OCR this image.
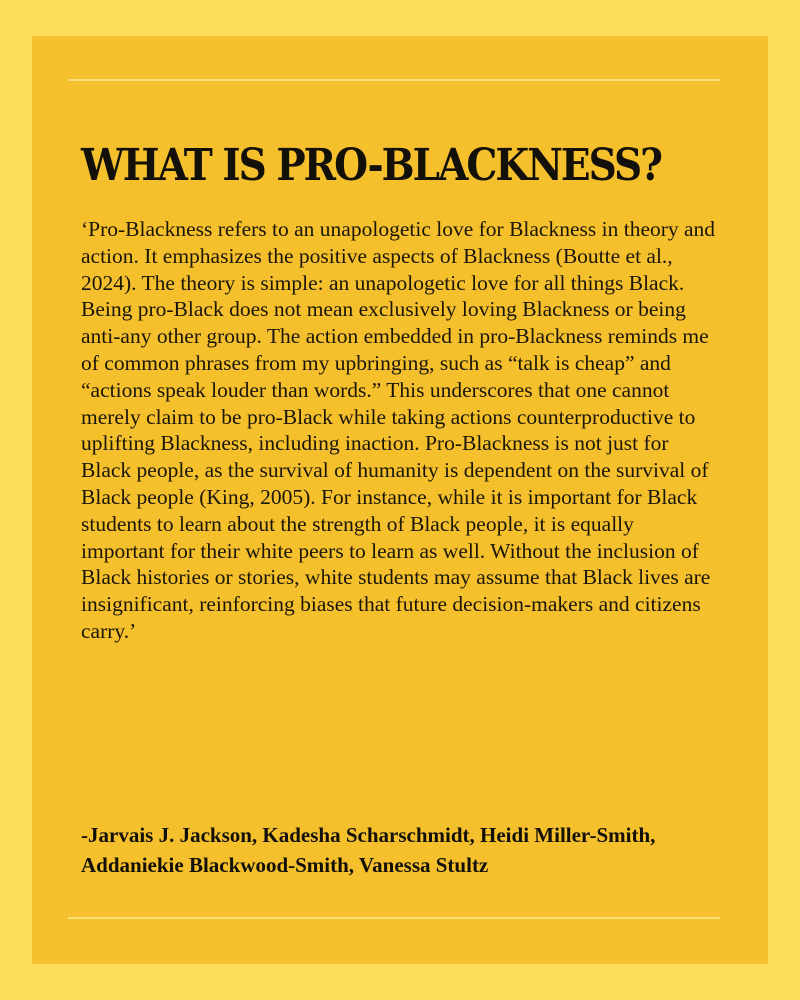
WHAT IS PRO-BLACKNESS?

‘Pro-Blackness refers to an unapologetic love for Blackness in theory and action. It emphasizes the positive aspects of Blackness (Boutte et al., 2024). The theory is simple: an unapologetic love for all things Black. Being pro-Black does not mean exclusively loving Blackness or being anti-any other group. The action embedded in pro-Blackness reminds me of common phrases from my upbringing, such as “talk is cheap” and “actions speak louder than words.” This underscores that one cannot merely claim to be pro-Black while taking actions counterproductive to uplifting Blackness, including inaction. Pro-Blackness is not just for Black people, as the survival of humanity is dependent on the survival of Black people (King, 2005). For instance, while it is important for Black students to learn about the strength of Black people, it is equally important for their white peers to learn as well. Without the inclusion of Black histories or stories, white students may assume that Black lives are insignificant, reinforcing biases that future decision-makers and citizens carry.’

-Jarvais J. Jackson, Kadesha Scharschmidt, Heidi Miller-Smith, Addaniekie Blackwood-Smith, Vanessa Stultz
